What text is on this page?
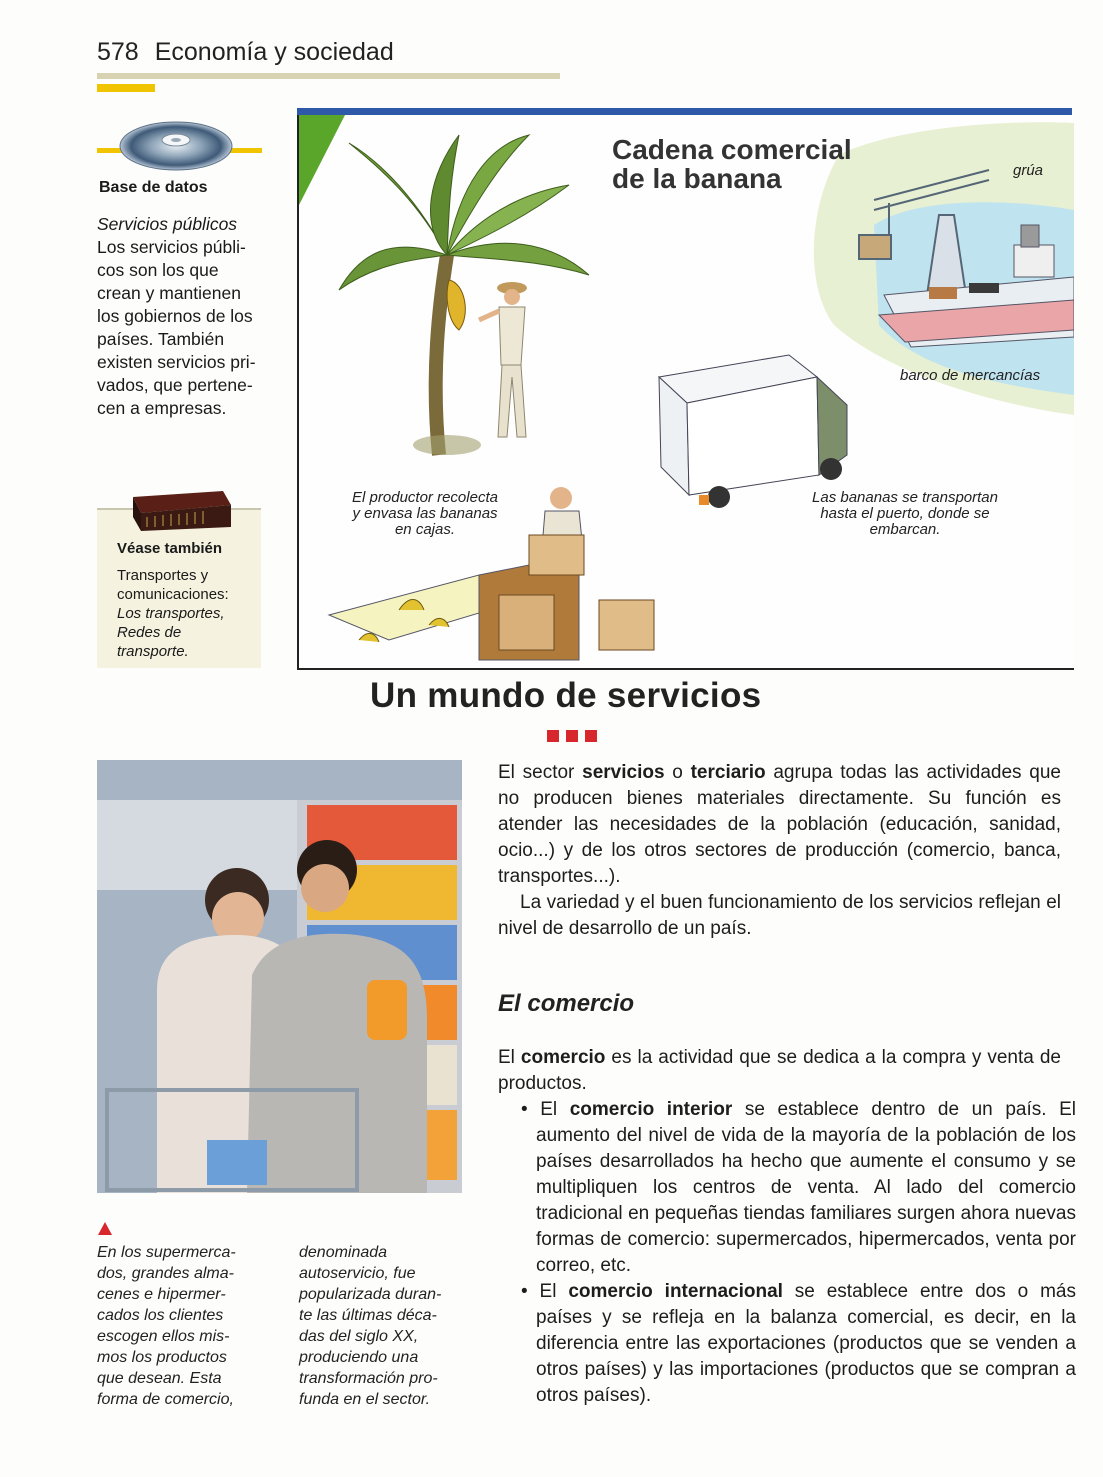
578 Economía y sociedad
Base de datos
Servicios públicos
Los servicios públi-
cos son los que
crean y mantienen
los gobiernos de los
países. También
existen servicios pri-
vados, que pertene-
cen a empresas.
Véase también
Transportes y
comunicaciones:
Los transportes,
Redes de
transporte.
Cadena comercial
de la banana	grúa
barco de mercancías
El productor recolecta
y envasa las bananas
en cajas.
Las bananas se transportan
hasta el puerto, donde se
embarcan.
Un mundo de servicios
En los supermerca-
dos, grandes alma-
cenes e hipermer-
cados los clientes
escogen ellos mis-
mos los productos
que desean. Esta
forma de comercio,
denominada
autoservicio, fue
popularizada duran-
te las últimas déca-
das del siglo XX,
produciendo una
transformación pro-
funda en el sector.
El sector servicios o terciario agrupa todas las actividades que no producen bienes materiales directamente. Su función es atender las necesidades de la población (educación, sanidad, ocio...) y de los otros sectores de producción (comercio, banca, transportes...).
La variedad y el buen funcionamiento de los servicios reflejan el nivel de desarrollo de un país.
El comercio
El comercio es la actividad que se dedica a la compra y venta de productos.
• El comercio interior se establece dentro de un país. El aumento del nivel de vida de la mayoría de la población de los países desarrollados ha hecho que aumente el consumo y se multipliquen los centros de venta. Al lado del comercio tradicional en pequeñas tiendas familiares surgen ahora nuevas formas de comercio: supermercados, hipermercados, venta por correo, etc.
• El comercio internacional se establece entre dos o más países y se refleja en la balanza comercial, es decir, en la diferencia entre las exportaciones (productos que se venden a otros países) y las importaciones (productos que se compran a otros países).
